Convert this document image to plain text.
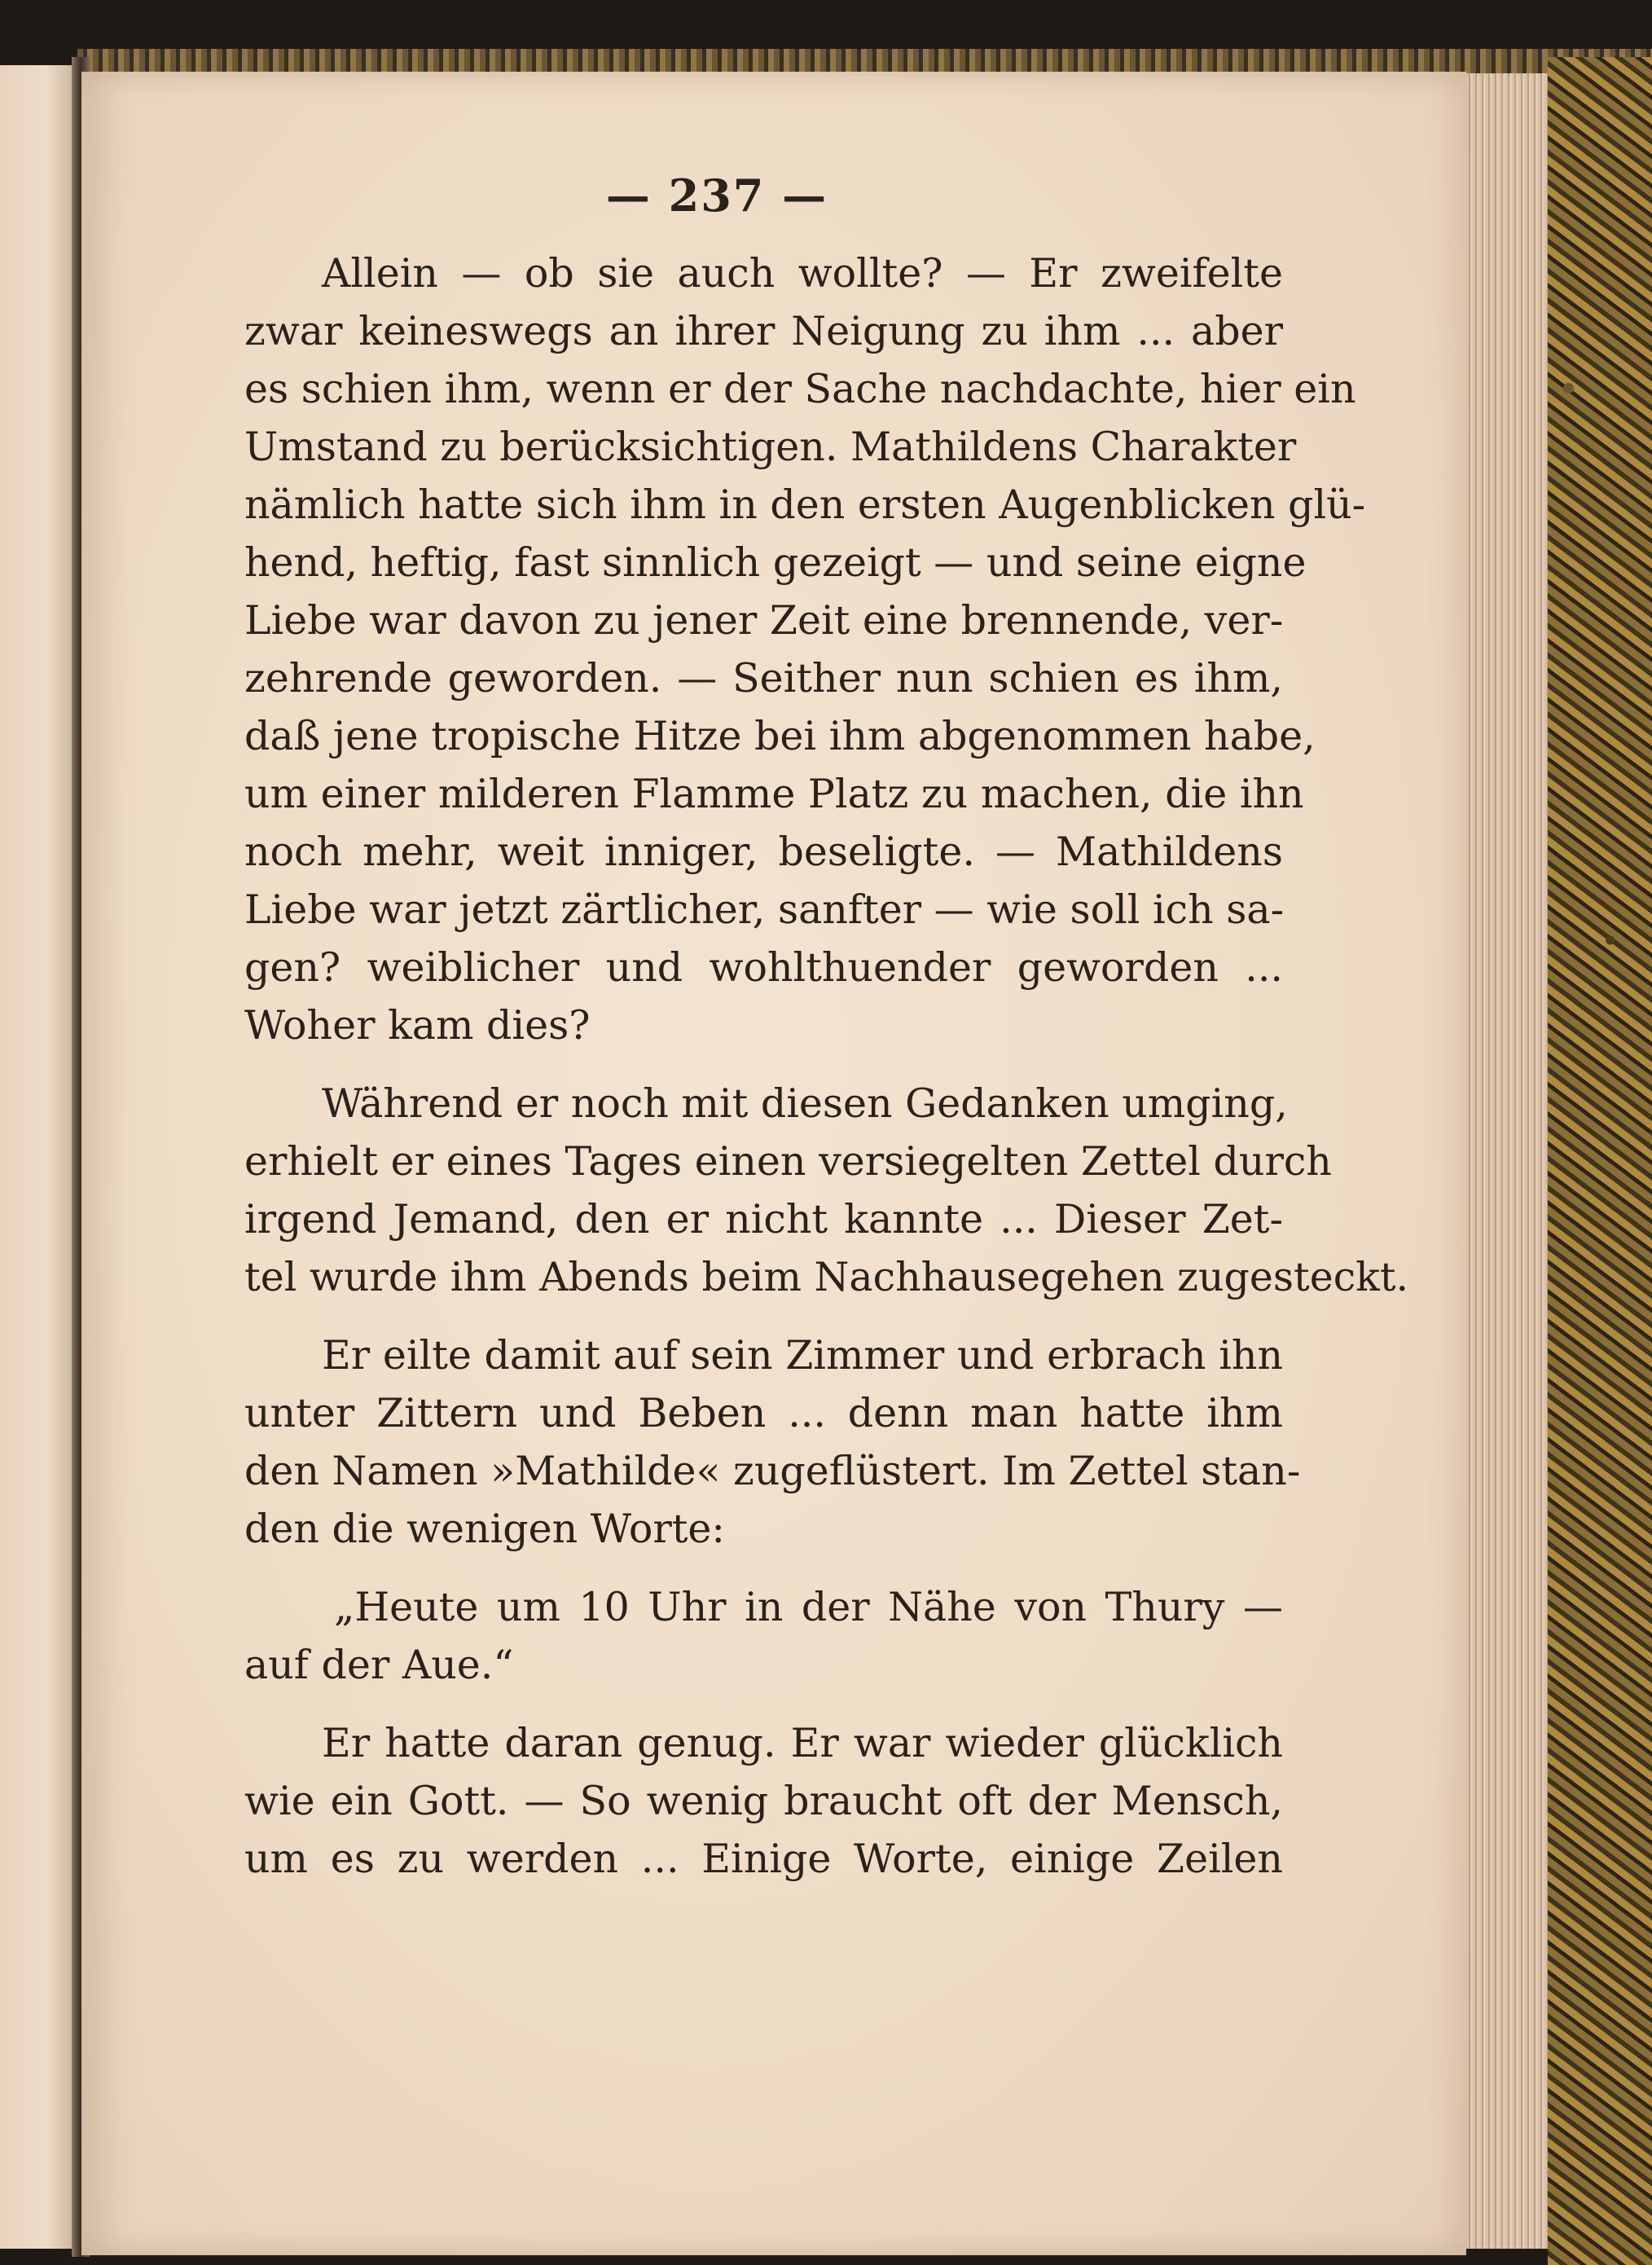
— 237 —
Allein — ob sie auch wollte? — Er zweifelte
zwar keineswegs an ihrer Neigung zu ihm ... aber
es schien ihm, wenn er der Sache nachdachte, hier ein
Umstand zu berücksichtigen. Mathildens Charakter
nämlich hatte sich ihm in den ersten Augenblicken glü-
hend, heftig, fast sinnlich gezeigt — und seine eigne
Liebe war davon zu jener Zeit eine brennende, ver-
zehrende geworden. — Seither nun schien es ihm,
daß jene tropische Hitze bei ihm abgenommen habe,
um einer milderen Flamme Platz zu machen, die ihn
noch mehr, weit inniger, beseligte. — Mathildens
Liebe war jetzt zärtlicher, sanfter — wie soll ich sa-
gen? weiblicher und wohlthuender geworden ...
Woher kam dies?
Während er noch mit diesen Gedanken umging,
erhielt er eines Tages einen versiegelten Zettel durch
irgend Jemand, den er nicht kannte ... Dieser Zet-
tel wurde ihm Abends beim Nachhausegehen zugesteckt.
Er eilte damit auf sein Zimmer und erbrach ihn
unter Zittern und Beben ... denn man hatte ihm
den Namen »Mathilde« zugeflüstert. Im Zettel stan-
den die wenigen Worte:
„Heute um 10 Uhr in der Nähe von Thury —
auf der Aue.“
Er hatte daran genug. Er war wieder glücklich
wie ein Gott. — So wenig braucht oft der Mensch,
um es zu werden ... Einige Worte, einige Zeilen
